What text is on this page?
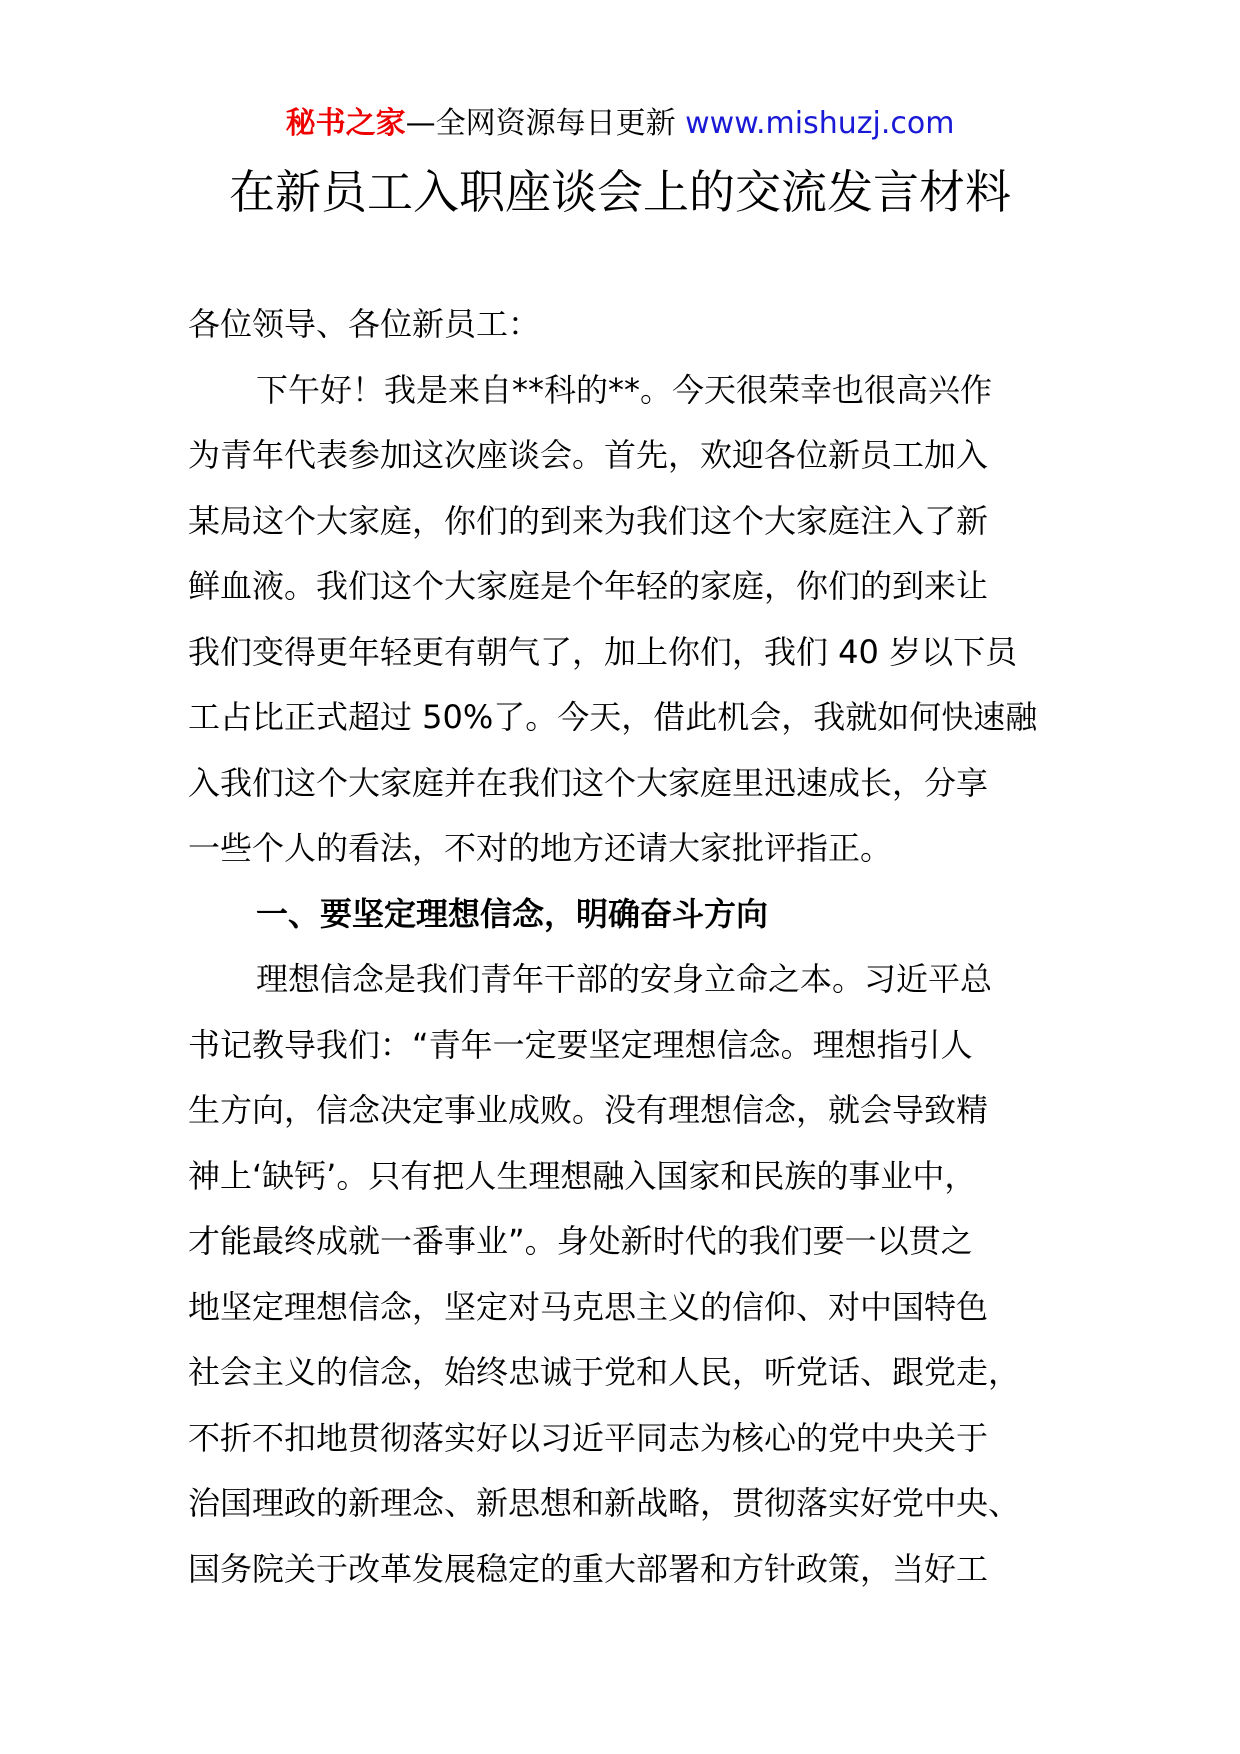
秘书之家—全网资源每日更新 www.mishuzj.com
在新员工入职座谈会上的交流发言材料
各位领导、各位新员工：
下午好！我是来自**科的**。今天很荣幸也很高兴作
为青年代表参加这次座谈会。首先，欢迎各位新员工加入
某局这个大家庭，你们的到来为我们这个大家庭注入了新
鲜血液。我们这个大家庭是个年轻的家庭，你们的到来让
我们变得更年轻更有朝气了，加上你们，我们 40 岁以下员
工占比正式超过 50%了。今天，借此机会，我就如何快速融
入我们这个大家庭并在我们这个大家庭里迅速成长，分享
一些个人的看法，不对的地方还请大家批评指正。
一、要坚定理想信念，明确奋斗方向
理想信念是我们青年干部的安身立命之本。习近平总
书记教导我们：“青年一定要坚定理想信念。理想指引人
生方向，信念决定事业成败。没有理想信念，就会导致精
神上‘缺钙’。只有把人生理想融入国家和民族的事业中，
才能最终成就一番事业”。身处新时代的我们要一以贯之
地坚定理想信念，坚定对马克思主义的信仰、对中国特色
社会主义的信念，始终忠诚于党和人民，听党话、跟党走，
不折不扣地贯彻落实好以习近平同志为核心的党中央关于
治国理政的新理念、新思想和新战略，贯彻落实好党中央、
国务院关于改革发展稳定的重大部署和方针政策，当好工
